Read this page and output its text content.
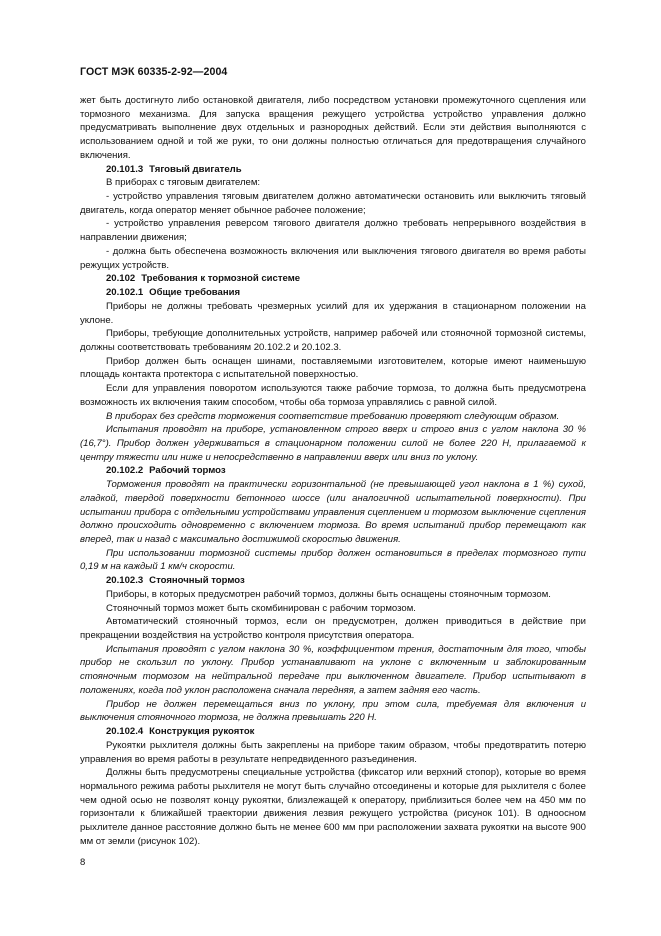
ГОСТ МЭК 60335-2-92—2004

жет быть достигнуто либо остановкой двигателя, либо посредством установки промежуточного сцепления или тормозного механизма. Для запуска вращения режущего устройства устройство управления должно предусматривать выполнение двух отдельных и разнородных действий. Если эти действия выполняются с использованием одной и той же руки, то они должны полностью отличаться для предотвращения случайного включения.

20.101.3 Тяговый двигатель

В приборах с тяговым двигателем:

- устройство управления тяговым двигателем должно автоматически остановить или выключить тяговый двигатель, когда оператор меняет обычное рабочее положение;

- устройство управления реверсом тягового двигателя должно требовать непрерывного воздействия в направлении движения;

- должна быть обеспечена возможность включения или выключения тягового двигателя во время работы режущих устройств.

20.102 Требования к тормозной системе
20.102.1 Общие требования

Приборы не должны требовать чрезмерных усилий для их удержания в стационарном положении на уклоне.

Приборы, требующие дополнительных устройств, например рабочей или стояночной тормозной системы, должны соответствовать требованиям 20.102.2 и 20.102.3.

Прибор должен быть оснащен шинами, поставляемыми изготовителем, которые имеют наименьшую площадь контакта протектора с испытательной поверхностью.

Если для управления поворотом используются также рабочие тормоза, то должна быть предусмотрена возможность их включения таким способом, чтобы оба тормоза управлялись с равной силой.

В приборах без средств торможения соответствие требованию проверяют следующим образом.

Испытания проводят на приборе, установленном строго вверх и строго вниз с углом наклона 30 % (16,7°). Прибор должен удерживаться в стационарном положении силой не более 220 Н, прилагаемой к центру тяжести или ниже и непосредственно в направлении вверх или вниз по уклону.

20.102.2 Рабочий тормоз

Торможения проводят на практически горизонтальной (не превышающей угол наклона в 1 %) сухой, гладкой, твердой поверхности бетонного шоссе (или аналогичной испытательной поверхности). При испытании прибора с отдельными устройствами управления сцеплением и тормозом выключение сцепления должно происходить одновременно с включением тормоза. Во время испытаний прибор перемещают как вперед, так и назад с максимально достижимой скоростью движения.

При использовании тормозной системы прибор должен остановиться в пределах тормозного пути 0,19 м на каждый 1 км/ч скорости.

20.102.3 Стояночный тормоз

Приборы, в которых предусмотрен рабочий тормоз, должны быть оснащены стояночным тормозом.

Стояночный тормоз может быть скомбинирован с рабочим тормозом.

Автоматический стояночный тормоз, если он предусмотрен, должен приводиться в действие при прекращении воздействия на устройство контроля присутствия оператора.

Испытания проводят с углом наклона 30 %, коэффициентом трения, достаточным для того, чтобы прибор не скользил по уклону. Прибор устанавливают на уклоне с включенным и заблокированным стояночным тормозом на нейтральной передаче при выключенном двигателе. Прибор испытывают в положениях, когда под уклон расположена сначала передняя, а затем задняя его часть.

Прибор не должен перемещаться вниз по уклону, при этом сила, требуемая для включения и выключения стояночного тормоза, не должна превышать 220 Н.

20.102.4 Конструкция рукояток

Рукоятки рыхлителя должны быть закреплены на приборе таким образом, чтобы предотвратить потерю управления во время работы в результате непредвиденного разъединения.

Должны быть предусмотрены специальные устройства (фиксатор или верхний стопор), которые во время нормального режима работы рыхлителя не могут быть случайно отсоединены и которые для рыхлителя с более чем одной осью не позволят концу рукоятки, близлежащей к оператору, приблизиться более чем на 450 мм по горизонтали к ближайшей траектории движения лезвия режущего устройства (рисунок 101). В одноосном рыхлителе данное расстояние должно быть не менее 600 мм при расположении захвата рукоятки на высоте 900 мм от земли (рисунок 102).

8
